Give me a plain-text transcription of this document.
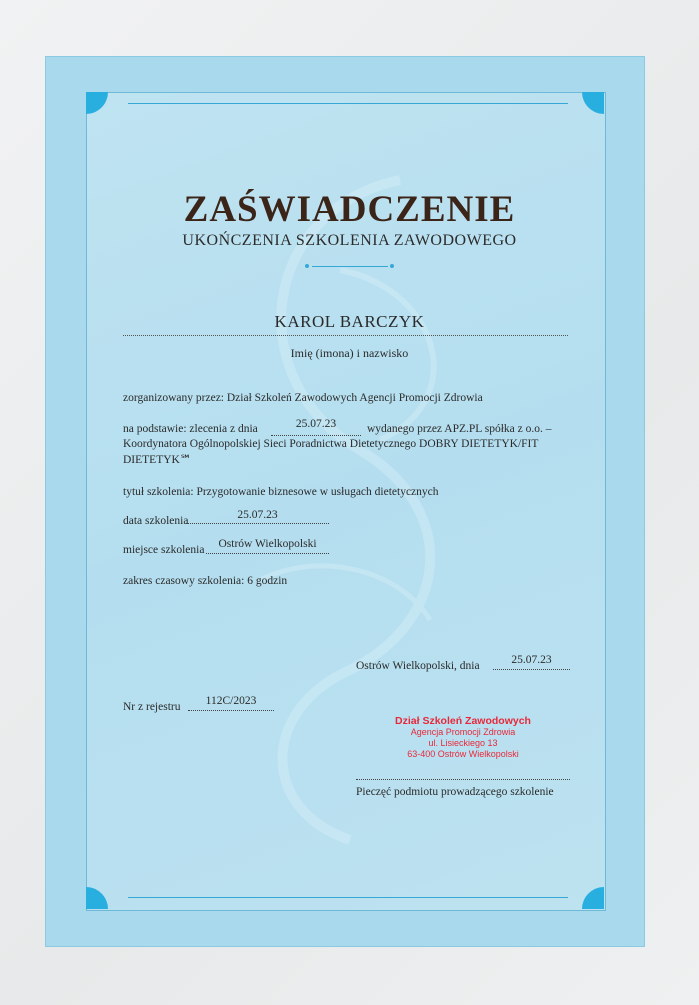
ZAŚWIADCZENIE
UKOŃCZENIA SZKOLENIA ZAWODOWEGO
KAROL BARCZYK
Imię (imona) i nazwisko
zorganizowany przez: Dział Szkoleń Zawodowych Agencji Promocji Zdrowia
na podstawie: zlecenia z dnia	25.07.23	wydanego przez APZ.PL spółka z o.o. –
Koordynatora Ogólnopolskiej Sieci Poradnictwa Dietetycznego DOBRY DIETETYK/FIT
DIETETYK℠
tytuł szkolenia: Przygotowanie biznesowe w usługach dietetycznych
data szkolenia	25.07.23
miejsce szkolenia	Ostrów Wielkopolski
zakres czasowy szkolenia: 6 godzin
Ostrów Wielkopolski, dnia	25.07.23
Nr z rejestru	112C/2023
Dział Szkoleń Zawodowych
Agencja Promocji Zdrowia
ul. Lisieckiego 13
63-400 Ostrów Wielkopolski
Pieczęć podmiotu prowadzącego szkolenie
